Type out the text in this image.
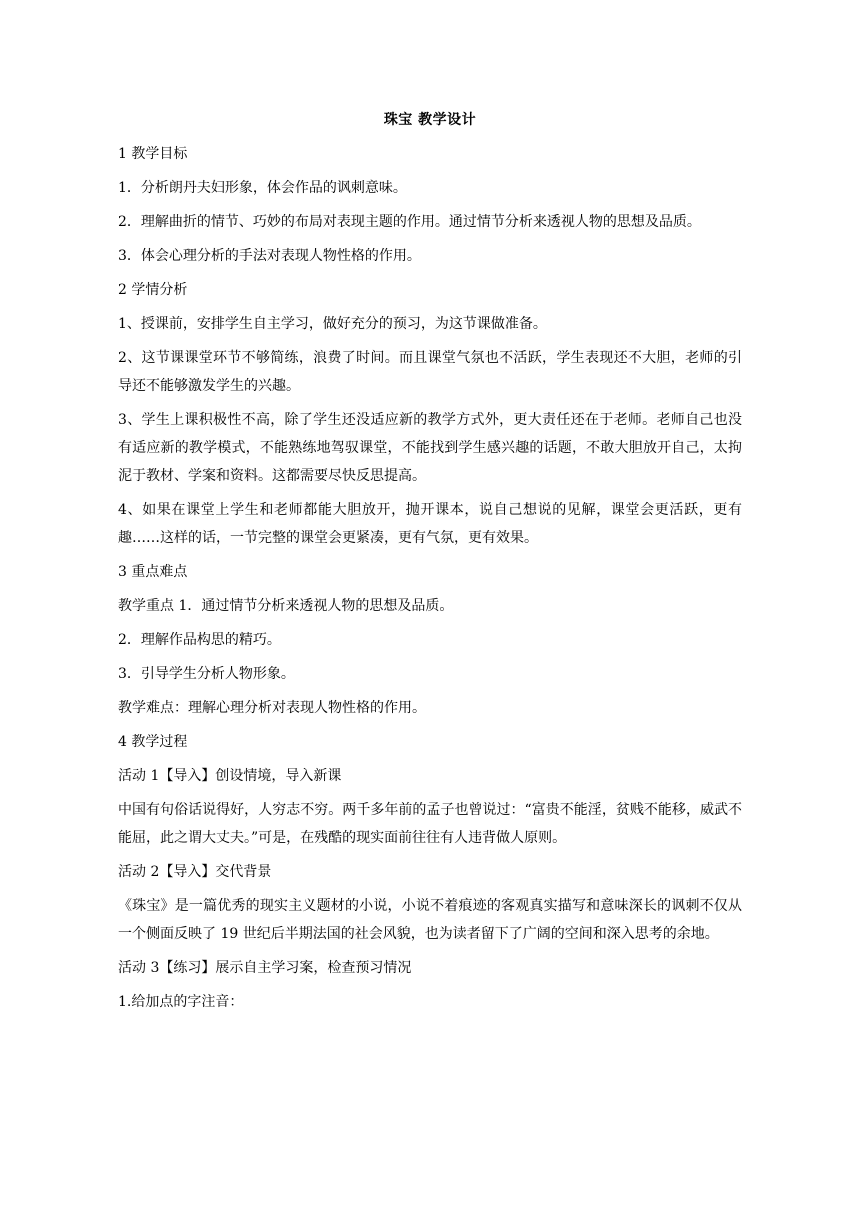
珠宝 教学设计
1 教学目标
1．分析朗丹夫妇形象，体会作品的讽刺意味。
2．理解曲折的情节、巧妙的布局对表现主题的作用。通过情节分析来透视人物的思想及品质。
3．体会心理分析的手法对表现人物性格的作用。
2 学情分析
1、授课前，安排学生自主学习，做好充分的预习，为这节课做准备。
2、这节课课堂环节不够简练，浪费了时间。而且课堂气氛也不活跃，学生表现还不大胆，老师的引导还不能够激发学生的兴趣。
3、学生上课积极性不高，除了学生还没适应新的教学方式外，更大责任还在于老师。老师自己也没有适应新的教学模式，不能熟练地驾驭课堂，不能找到学生感兴趣的话题，不敢大胆放开自己，太拘泥于教材、学案和资料。这都需要尽快反思提高。
4、如果在课堂上学生和老师都能大胆放开，抛开课本，说自己想说的见解，课堂会更活跃，更有趣……这样的话，一节完整的课堂会更紧凑，更有气氛，更有效果。
3 重点难点
教学重点 1．通过情节分析来透视人物的思想及品质。
2．理解作品构思的精巧。
3．引导学生分析人物形象。
教学难点：理解心理分析对表现人物性格的作用。
4 教学过程
活动 1【导入】创设情境，导入新课
中国有句俗话说得好，人穷志不穷。两千多年前的孟子也曾说过：“富贵不能淫，贫贱不能移，威武不能屈，此之谓大丈夫。”可是，在残酷的现实面前往往有人违背做人原则。
活动 2【导入】交代背景
《珠宝》是一篇优秀的现实主义题材的小说，小说不着痕迹的客观真实描写和意味深长的讽刺不仅从一个侧面反映了 19 世纪后半期法国的社会风貌，也为读者留下了广阔的空间和深入思考的余地。
活动 3【练习】展示自主学习案，检查预习情况
1.给加点的字注音：
